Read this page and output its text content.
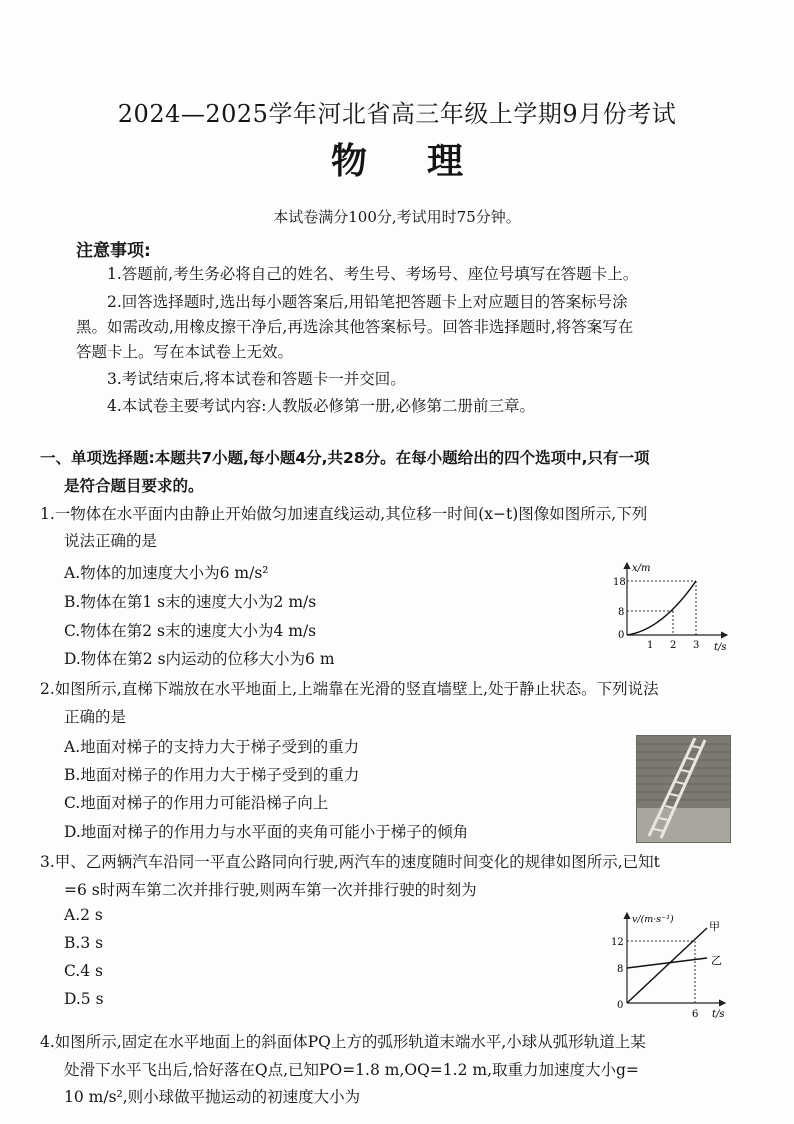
2024—2025学年河北省高三年级上学期9月份考试
物理
本试卷满分100分,考试用时75分钟。
注意事项:
1.答题前,考生务必将自己的姓名、考生号、考场号、座位号填写在答题卡上。
2.回答选择题时,选出每小题答案后,用铅笔把答题卡上对应题目的答案标号涂
黑。如需改动,用橡皮擦干净后,再选涂其他答案标号。回答非选择题时,将答案写在
答题卡上。写在本试卷上无效。
3.考试结束后,将本试卷和答题卡一并交回。
4.本试卷主要考试内容:人教版必修第一册,必修第二册前三章。
一、单项选择题:本题共7小题,每小题4分,共28分。在每小题给出的四个选项中,只有一项
是符合题目要求的。
1.一物体在水平面内由静止开始做匀加速直线运动,其位移一时间(x−t)图像如图所示,下列
说法正确的是
A.物体的加速度大小为6 m/s²
B.物体在第1 s末的速度大小为2 m/s
C.物体在第2 s末的速度大小为4 m/s
D.物体在第2 s内运动的位移大小为6 m
x/m
t/s
18
8
0
1 2 3
2.如图所示,直梯下端放在水平地面上,上端靠在光滑的竖直墙壁上,处于静止状态。下列说法
正确的是
A.地面对梯子的支持力大于梯子受到的重力
B.地面对梯子的作用力大于梯子受到的重力
C.地面对梯子的作用力可能沿梯子向上
D.地面对梯子的作用力与水平面的夹角可能小于梯子的倾角
3.甲、乙两辆汽车沿同一平直公路同向行驶,两汽车的速度随时间变化的规律如图所示,已知t
=6 s时两车第二次并排行驶,则两车第一次并排行驶的时刻为
A.2 s
B.3 s
C.4 s
D.5 s
v/(m·s⁻¹)
t/s
12
8
0
6
甲
乙
4.如图所示,固定在水平地面上的斜面体PQ上方的弧形轨道末端水平,小球从弧形轨道上某
处滑下水平飞出后,恰好落在Q点,已知PO=1.8 m,OQ=1.2 m,取重力加速度大小g=
10 m/s²,则小球做平抛运动的初速度大小为
